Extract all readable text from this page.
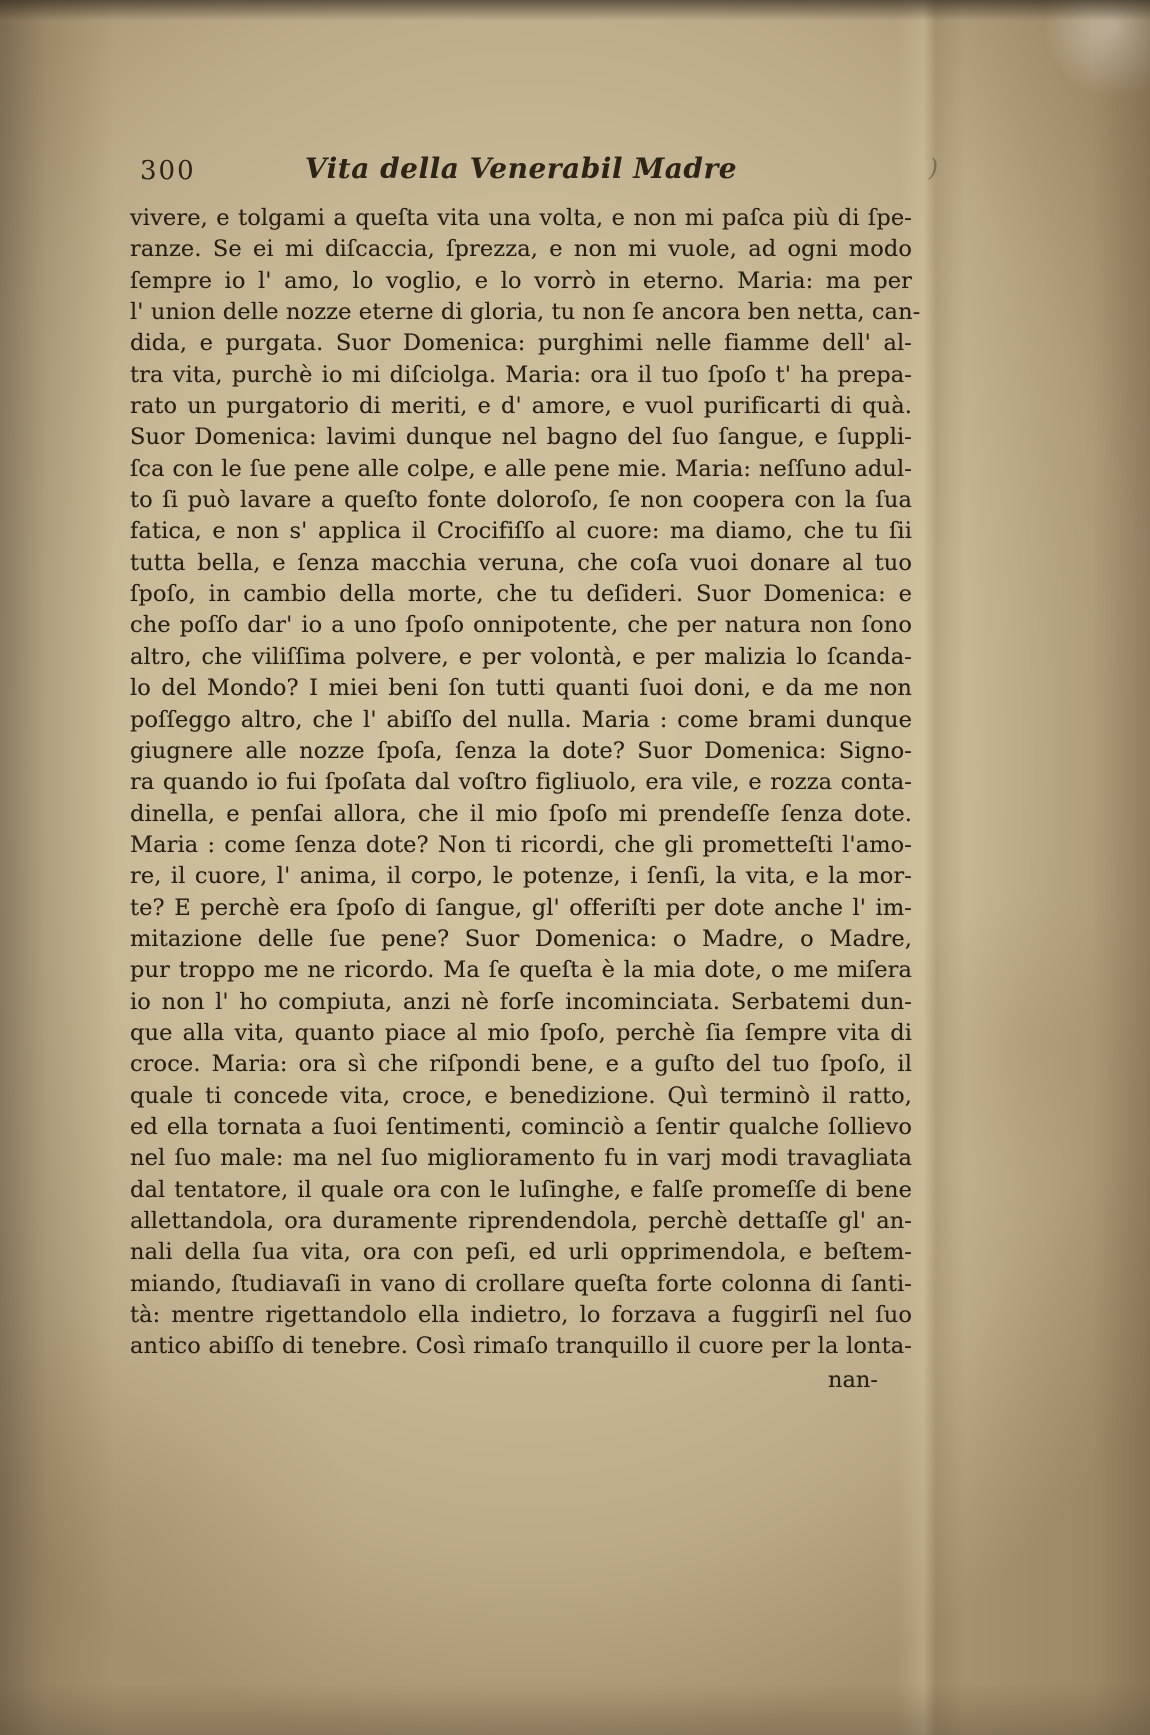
300	Vita della Venerabil Madre	)
vivere, e tolgami a queſta vita una volta, e non mi paſca più di ſpe-
ranze. Se ei mi diſcaccia, ſprezza, e non mi vuole, ad ogni modo
ſempre io l' amo, lo voglio, e lo vorrò in eterno. Maria: ma per
l' union delle nozze eterne di gloria, tu non ſe ancora ben netta, can-
dida, e purgata. Suor Domenica: purghimi nelle fiamme dell' al-
tra vita, purchè io mi diſciolga. Maria: ora il tuo ſpoſo t' ha prepa-
rato un purgatorio di meriti, e d' amore, e vuol purificarti di quà.
Suor Domenica: lavimi dunque nel bagno del ſuo ſangue, e ſuppli-
ſca con le ſue pene alle colpe, e alle pene mie. Maria: neſſuno adul-
to ſi può lavare a queſto fonte doloroſo, ſe non coopera con la ſua
fatica, e non s' applica il Crocifiſſo al cuore: ma diamo, che tu ſii
tutta bella, e ſenza macchia veruna, che coſa vuoi donare al tuo
ſpoſo, in cambio della morte, che tu deſideri. Suor Domenica: e
che poſſo dar' io a uno ſpoſo onnipotente, che per natura non ſono
altro, che viliſſima polvere, e per volontà, e per malizia lo ſcanda-
lo del Mondo? I miei beni ſon tutti quanti ſuoi doni, e da me non
poſſeggo altro, che l' abiſſo del nulla. Maria : come brami dunque
giugnere alle nozze ſpoſa, ſenza la dote? Suor Domenica: Signo-
ra quando io fui ſpoſata dal voſtro figliuolo, era vile, e rozza conta-
dinella, e penſai allora, che il mio ſpoſo mi prendeſſe ſenza dote.
Maria : come ſenza dote? Non ti ricordi, che gli prometteſti l'amo-
re, il cuore, l' anima, il corpo, le potenze, i ſenſi, la vita, e la mor-
te? E perchè era ſpoſo di ſangue, gl' offeriſti per dote anche l' im-
mitazione delle ſue pene? Suor Domenica: o Madre, o Madre,
pur troppo me ne ricordo. Ma ſe queſta è la mia dote, o me miſera
io non l' ho compiuta, anzi nè forſe incominciata. Serbatemi dun-
que alla vita, quanto piace al mio ſpoſo, perchè ſia ſempre vita di
croce. Maria: ora sì che riſpondi bene, e a guſto del tuo ſpoſo, il
quale ti concede vita, croce, e benedizione. Quì terminò il ratto,
ed ella tornata a ſuoi ſentimenti, cominciò a ſentir qualche ſollievo
nel ſuo male: ma nel ſuo miglioramento fu in varj modi travagliata
dal tentatore, il quale ora con le luſinghe, e falſe promeſſe di bene
allettandola, ora duramente riprendendola, perchè dettaſſe gl' an-
nali della ſua vita, ora con peſi, ed urli opprimendola, e beſtem-
miando, ſtudiavaſi in vano di crollare queſta forte colonna di ſanti-
tà: mentre rigettandolo ella indietro, lo forzava a fuggirſi nel ſuo
antico abiſſo di tenebre. Così rimaſo tranquillo il cuore per la lonta-
nan-
